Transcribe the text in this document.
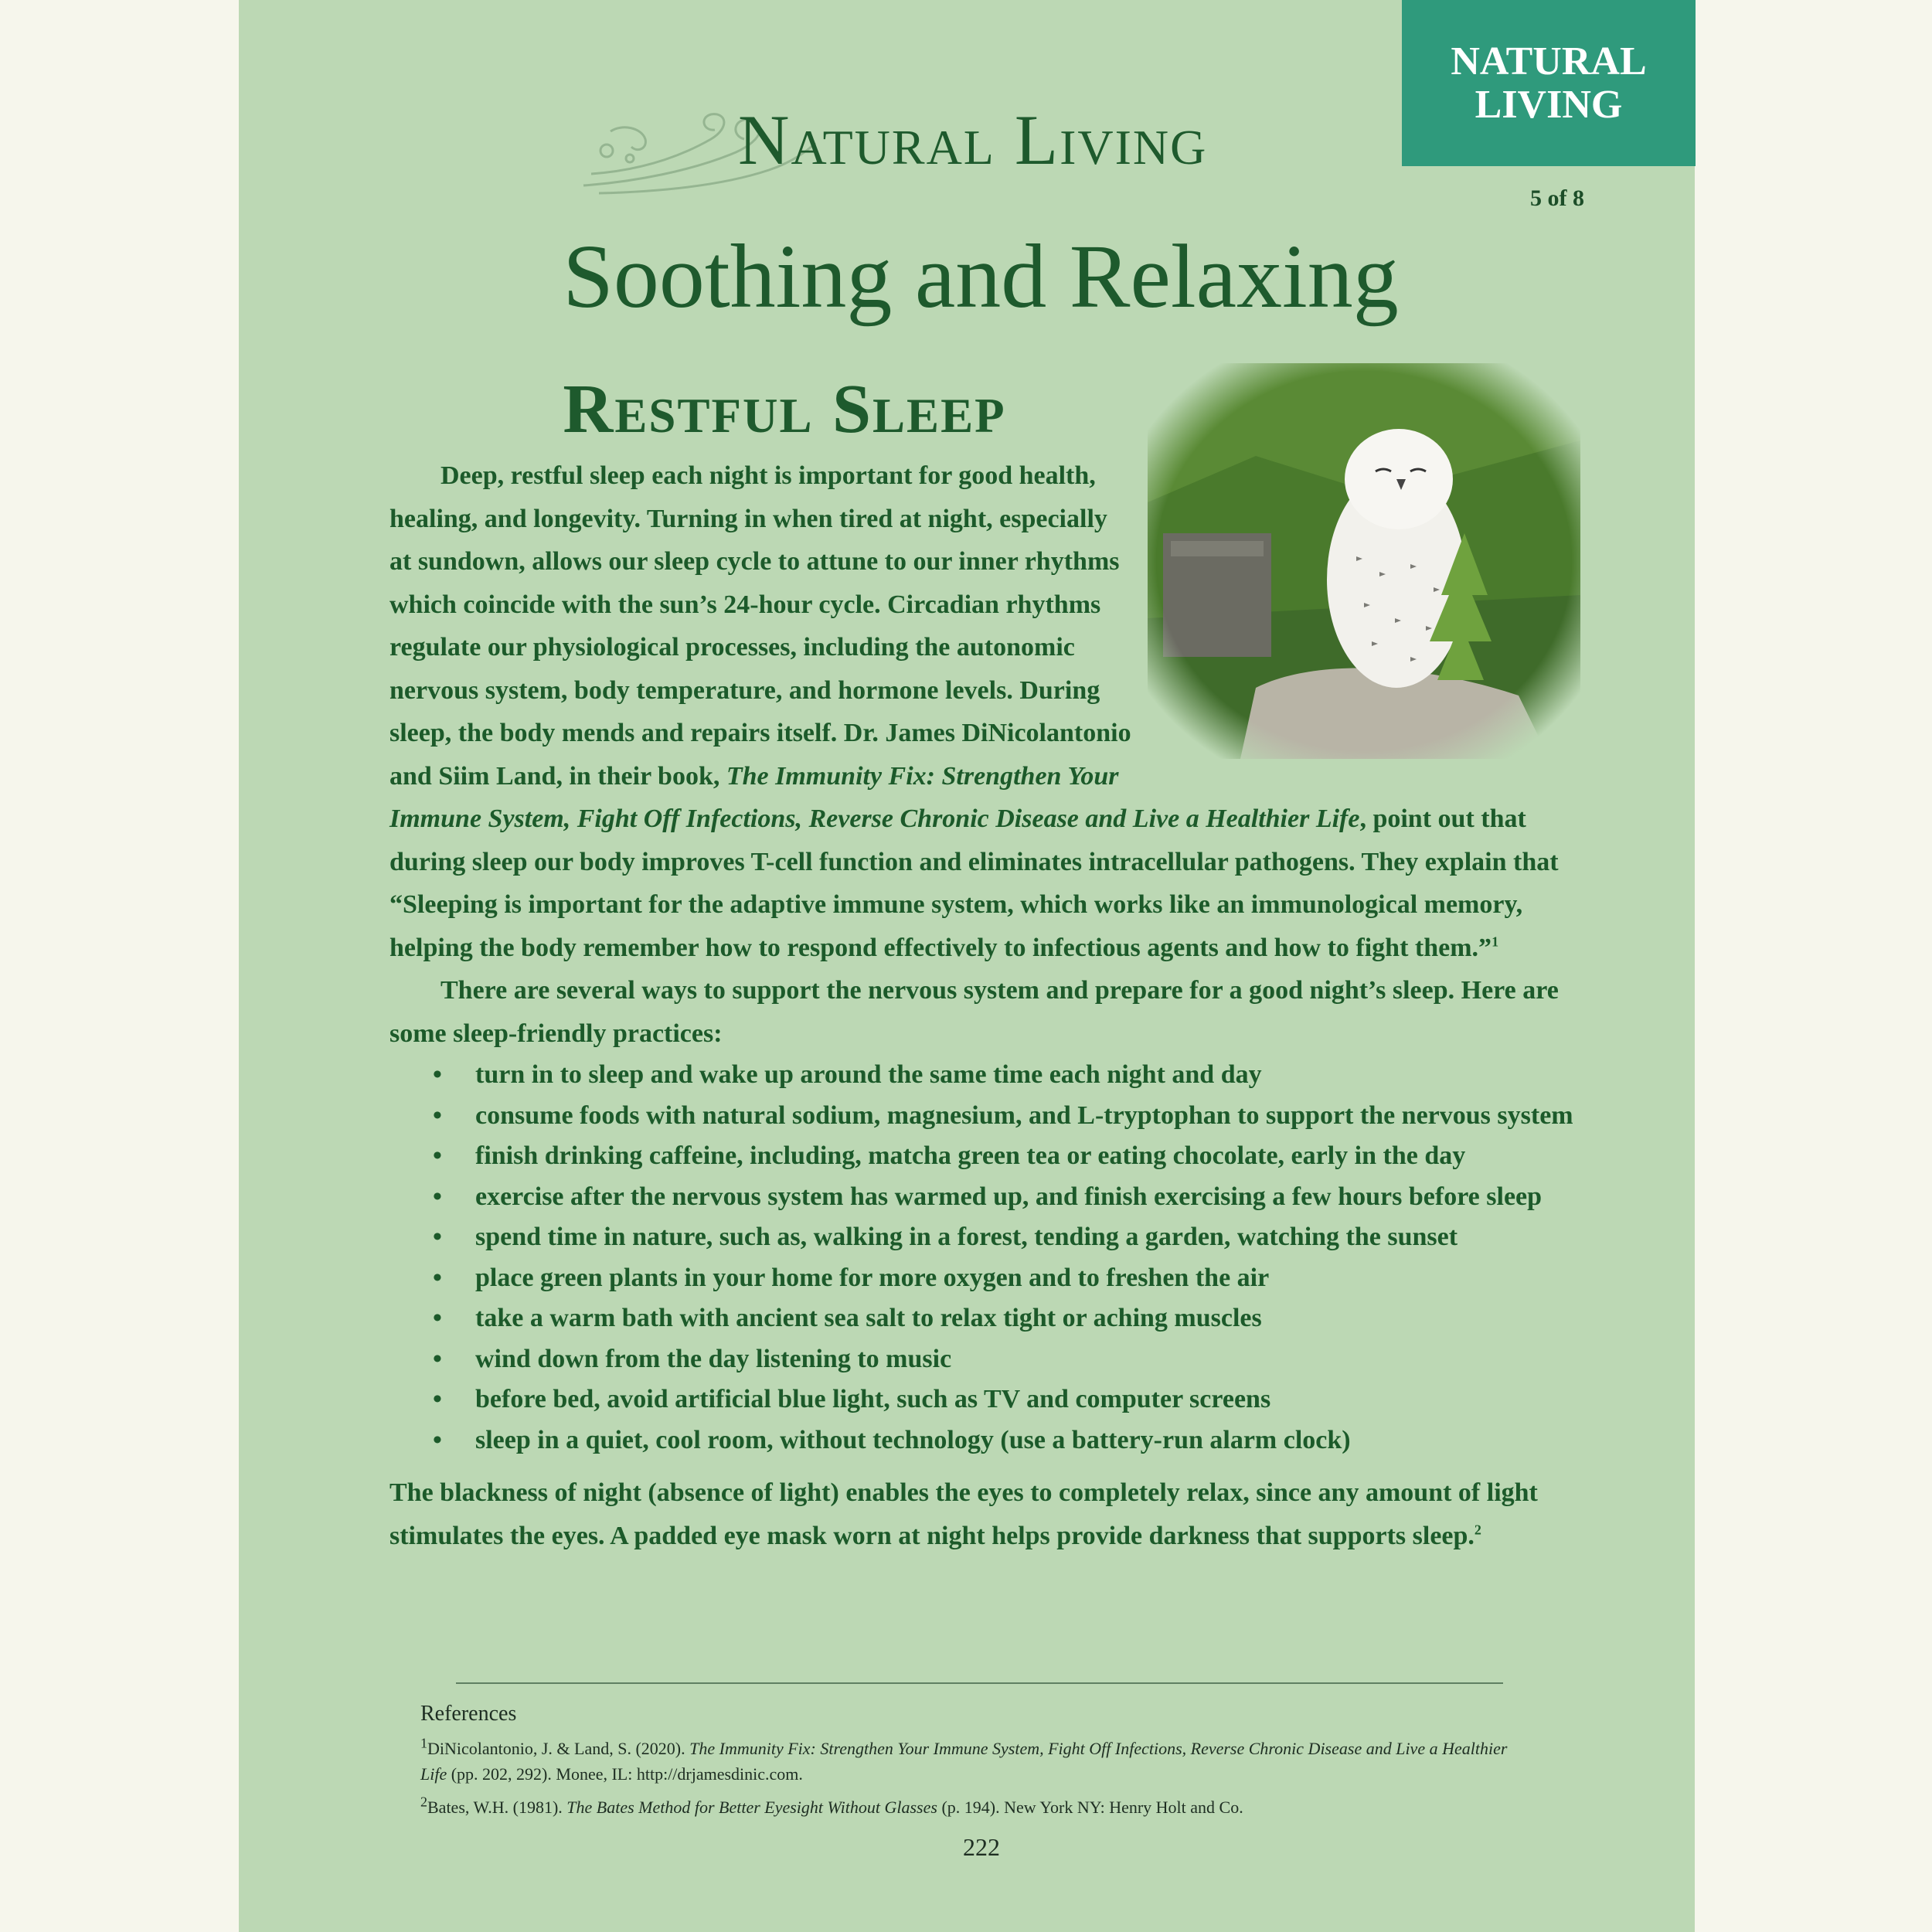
NATURAL
LIVING
5 of 8
Natural Living
Soothing and Relaxing
Restful Sleep

Deep, restful sleep each night is important for good health, healing, and longevity. Turning in when tired at night, especially at sundown, allows our sleep cycle to attune to our inner rhythms which coincide with the sun’s 24-hour cycle. Circadian rhythms regulate our physiological processes, including the autonomic nervous system, body temperature, and hormone levels. During sleep, the body mends and repairs itself. Dr. James DiNicolantonio and Siim Land, in their book, The Immunity Fix: Strengthen Your Immune System, Fight Off Infections, Reverse Chronic Disease and Live a Healthier Life, point out that during sleep our body improves T-cell function and eliminates intracellular pathogens. They explain that “Sleeping is important for the adaptive immune system, which works like an immunological memory, helping the body remember how to respond effectively to infectious agents and how to fight them.”$^1$

There are several ways to support the nervous system and prepare for a good night’s sleep. Here are some sleep-friendly practices:

• turn in to sleep and wake up around the same time each night and day
• consume foods with natural sodium, magnesium, and L-tryptophan to support the nervous system
• finish drinking caffeine, including, matcha green tea or eating chocolate, early in the day
• exercise after the nervous system has warmed up, and finish exercising a few hours before sleep
• spend time in nature, such as, walking in a forest, tending a garden, watching the sunset
• place green plants in your home for more oxygen and to freshen the air
• take a warm bath with ancient sea salt to relax tight or aching muscles
• wind down from the day listening to music
• before bed, avoid artificial blue light, such as TV and computer screens
• sleep in a quiet, cool room, without technology (use a battery-run alarm clock)

The blackness of night (absence of light) enables the eyes to completely relax, since any amount of light stimulates the eyes. A padded eye mask worn at night helps provide darkness that supports sleep.$^2$

References

$^1$DiNicolantonio, J. & Land, S. (2020). The Immunity Fix: Strengthen Your Immune System, Fight Off Infections, Reverse Chronic Disease and Live a Healthier Life (pp. 202, 292). Monee, IL: http://drjamesdinic.com.

$^2$Bates, W.H. (1981). The Bates Method for Better Eyesight Without Glasses (p. 194). New York NY: Henry Holt and Co.

222
